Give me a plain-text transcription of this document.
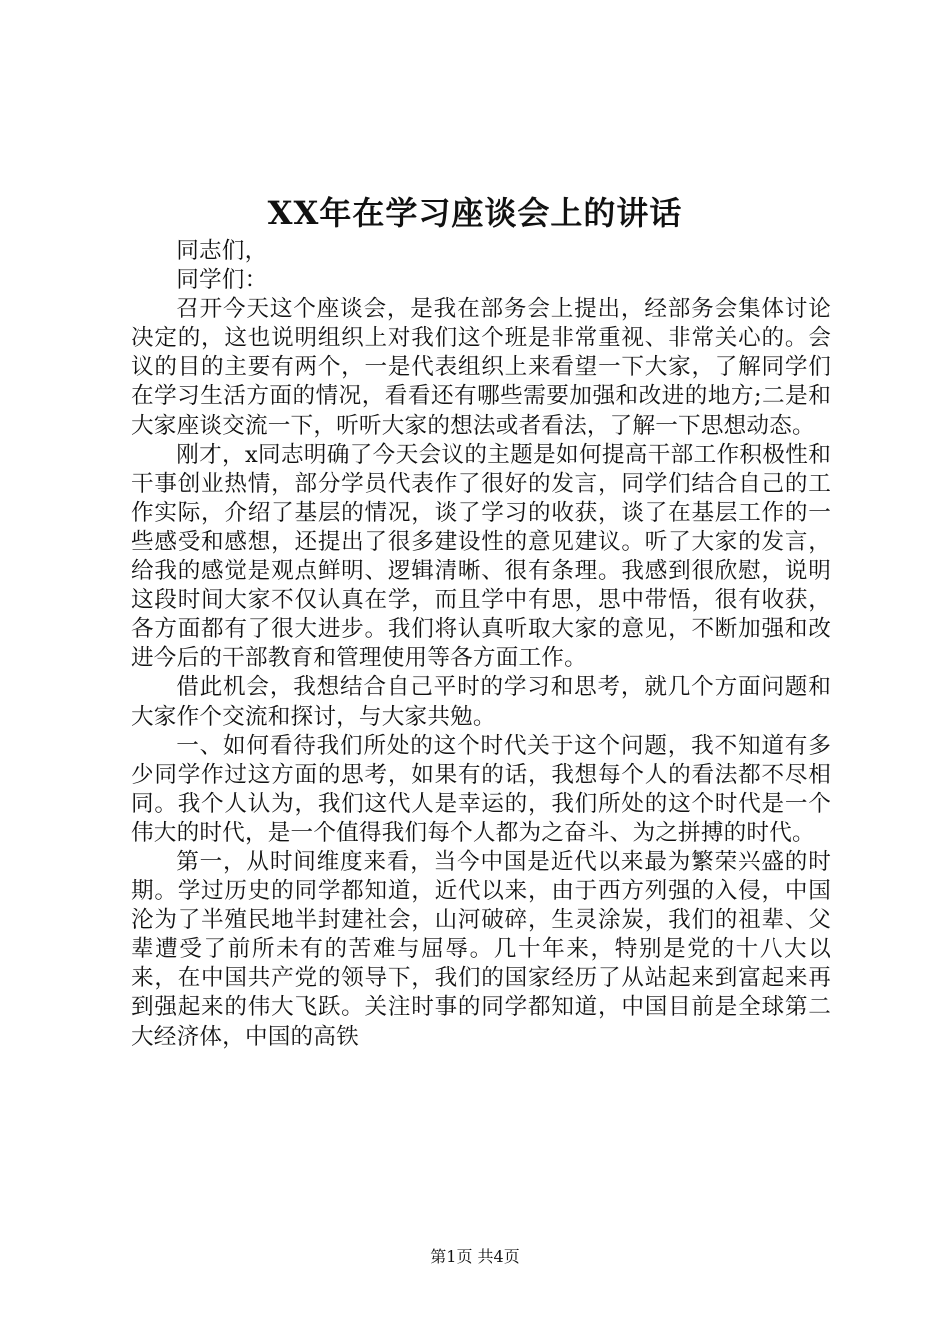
XX年在学习座谈会上的讲话

同志们，

同学们：

召开今天这个座谈会，是我在部务会上提出，经部务会集体讨论决定的，这也说明组织上对我们这个班是非常重视、非常关心的。会议的目的主要有两个，一是代表组织上来看望一下大家，了解同学们在学习生活方面的情况，看看还有哪些需要加强和改进的地方;二是和大家座谈交流一下，听听大家的想法或者看法，了解一下思想动态。

刚才，x同志明确了今天会议的主题是如何提高干部工作积极性和干事创业热情，部分学员代表作了很好的发言，同学们结合自己的工作实际，介绍了基层的情况，谈了学习的收获，谈了在基层工作的一些感受和感想，还提出了很多建设性的意见建议。听了大家的发言，给我的感觉是观点鲜明、逻辑清晰、很有条理。我感到很欣慰，说明这段时间大家不仅认真在学，而且学中有思，思中带悟，很有收获，各方面都有了很大进步。我们将认真听取大家的意见，不断加强和改进今后的干部教育和管理使用等各方面工作。

借此机会，我想结合自己平时的学习和思考，就几个方面问题和大家作个交流和探讨，与大家共勉。

一、如何看待我们所处的这个时代关于这个问题，我不知道有多少同学作过这方面的思考，如果有的话，我想每个人的看法都不尽相同。我个人认为，我们这代人是幸运的，我们所处的这个时代是一个伟大的时代，是一个值得我们每个人都为之奋斗、为之拼搏的时代。

第一，从时间维度来看，当今中国是近代以来最为繁荣兴盛的时期。学过历史的同学都知道，近代以来，由于西方列强的入侵，中国沦为了半殖民地半封建社会，山河破碎，生灵涂炭，我们的祖辈、父辈遭受了前所未有的苦难与屈辱。几十年来，特别是党的十八大以来，在中国共产党的领导下，我们的国家经历了从站起来到富起来再到强起来的伟大飞跃。关注时事的同学都知道，中国目前是全球第二大经济体，中国的高铁

第1页 共4页
